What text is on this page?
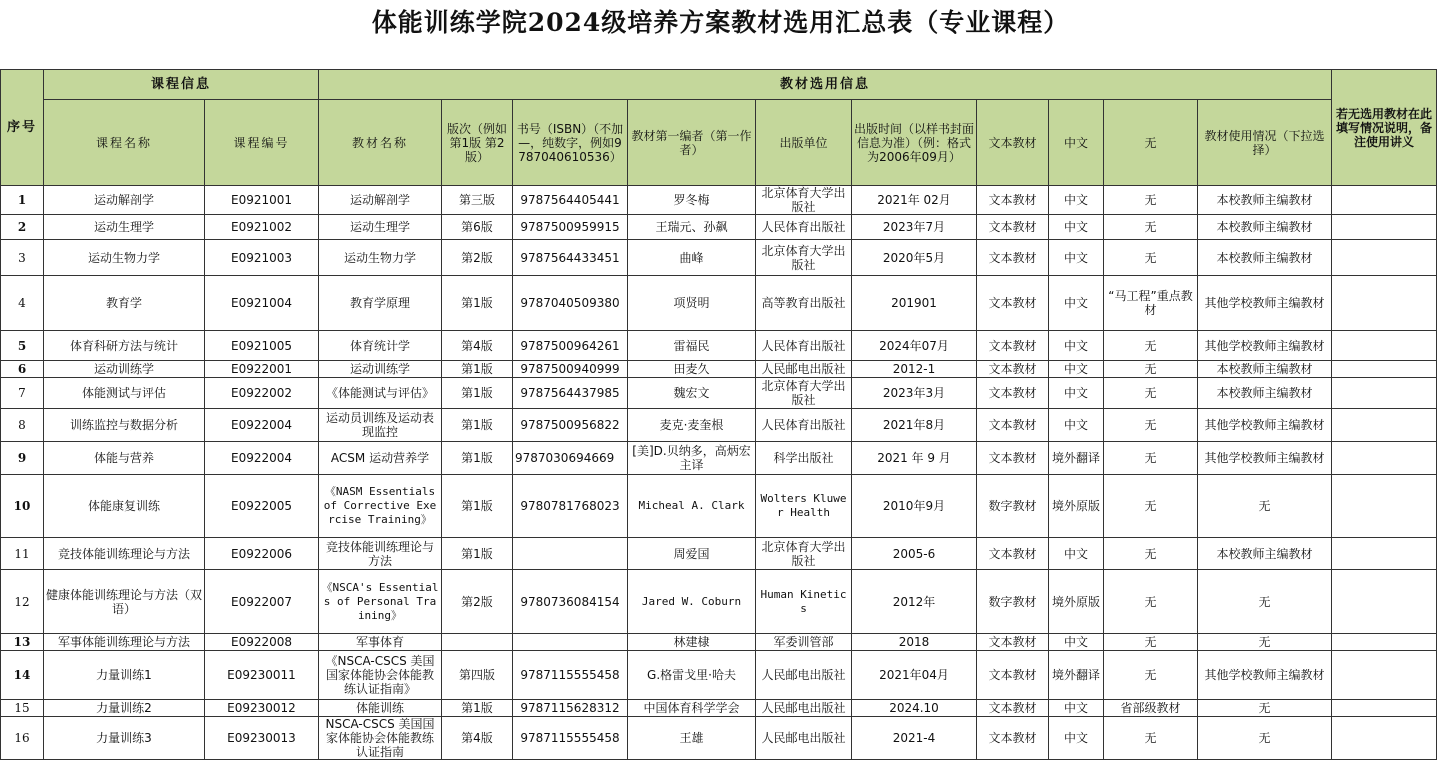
体能训练学院2024级培养方案教材选用汇总表（专业课程）
序号	课程信息		教材选用信息										若无选用教材在此填写情况说明，备注使用讲义
	课程名称	课程编号	教材名称	版次（例如第1版 第2版）	书号（ISBN）（不加—，纯数字，例如9787040610536）	教材第一编者（第一作者）	出版单位	出版时间（以样书封面信息为准）（例：格式为2006年09月）	文本教材	中文	无	教材使用情况（下拉选择）	
1	运动解剖学	E0921001	运动解剖学	第三版	9787564405441	罗冬梅	北京体育大学出版社	2021年 02月	文本教材	中文	无	本校教师主编教材	
2	运动生理学	E0921002	运动生理学	第6版	9787500959915	王瑞元、孙飙	人民体育出版社	2023年7月	文本教材	中文	无	本校教师主编教材	
3	运动生物力学	E0921003	运动生物力学	第2版	9787564433451	曲峰	北京体育大学出版社	2020年5月	文本教材	中文	无	本校教师主编教材	
4	教育学	E0921004	教育学原理	第1版	9787040509380	项贤明	高等教育出版社	201901	文本教材	中文	“马工程”重点教材	其他学校教师主编教材	
5	体育科研方法与统计	E0921005	体育统计学	第4版	9787500964261	雷福民	人民体育出版社	2024年07月	文本教材	中文	无	其他学校教师主编教材	
6	运动训练学	E0922001	运动训练学	第1版	9787500940999	田麦久	人民邮电出版社	2012-1	文本教材	中文	无	本校教师主编教材	
7	体能测试与评估	E0922002	《体能测试与评估》	第1版	9787564437985	魏宏文	北京体育大学出版社	2023年3月	文本教材	中文	无	本校教师主编教材	
8	训练监控与数据分析	E0922004	运动员训练及运动表现监控	第1版	9787500956822	麦克·麦奎根	人民体育出版社	2021年8月	文本教材	中文	无	其他学校教师主编教材	
9	体能与营养	E0922004	ACSM 运动营养学	第1版	9787030694669	[美]D.贝纳多，高炳宏主译	科学出版社	2021 年 9 月	文本教材	境外翻译	无	其他学校教师主编教材	
10	体能康复训练	E0922005	《NASM Essentials of Corrective Exercise Training》	第1版	9780781768023	Micheal A. Clark	Wolters Kluwer Health	2010年9月	数字教材	境外原版	无	无	
11	竞技体能训练理论与方法	E0922006	竞技体能训练理论与方法	第1版		周爱国	北京体育大学出版社	2005-6	文本教材	中文	无	本校教师主编教材	
12	健康体能训练理论与方法（双语）	E0922007	《NSCA's Essentials of Personal Training》	第2版	9780736084154	Jared W. Coburn	Human Kinetics	2012年	数字教材	境外原版	无	无	
13	军事体能训练理论与方法	E0922008	军事体育			林建棣	军委训管部	2018	文本教材	中文	无	无	
14	力量训练1	E09230011	《NSCA-CSCS 美国国家体能协会体能教练认证指南》	第四版	9787115555458	G.格雷戈里·哈夫	人民邮电出版社	2021年04月	文本教材	境外翻译	无	其他学校教师主编教材	
15	力量训练2	E09230012	体能训练	第1版	9787115628312	中国体育科学学会	人民邮电出版社	2024.10	文本教材	中文	省部级教材	无	
16	力量训练3	E09230013	NSCA-CSCS 美国国家体能协会体能教练认证指南	第4版	9787115555458	王雄	人民邮电出版社	2021-4	文本教材	中文	无	无	
